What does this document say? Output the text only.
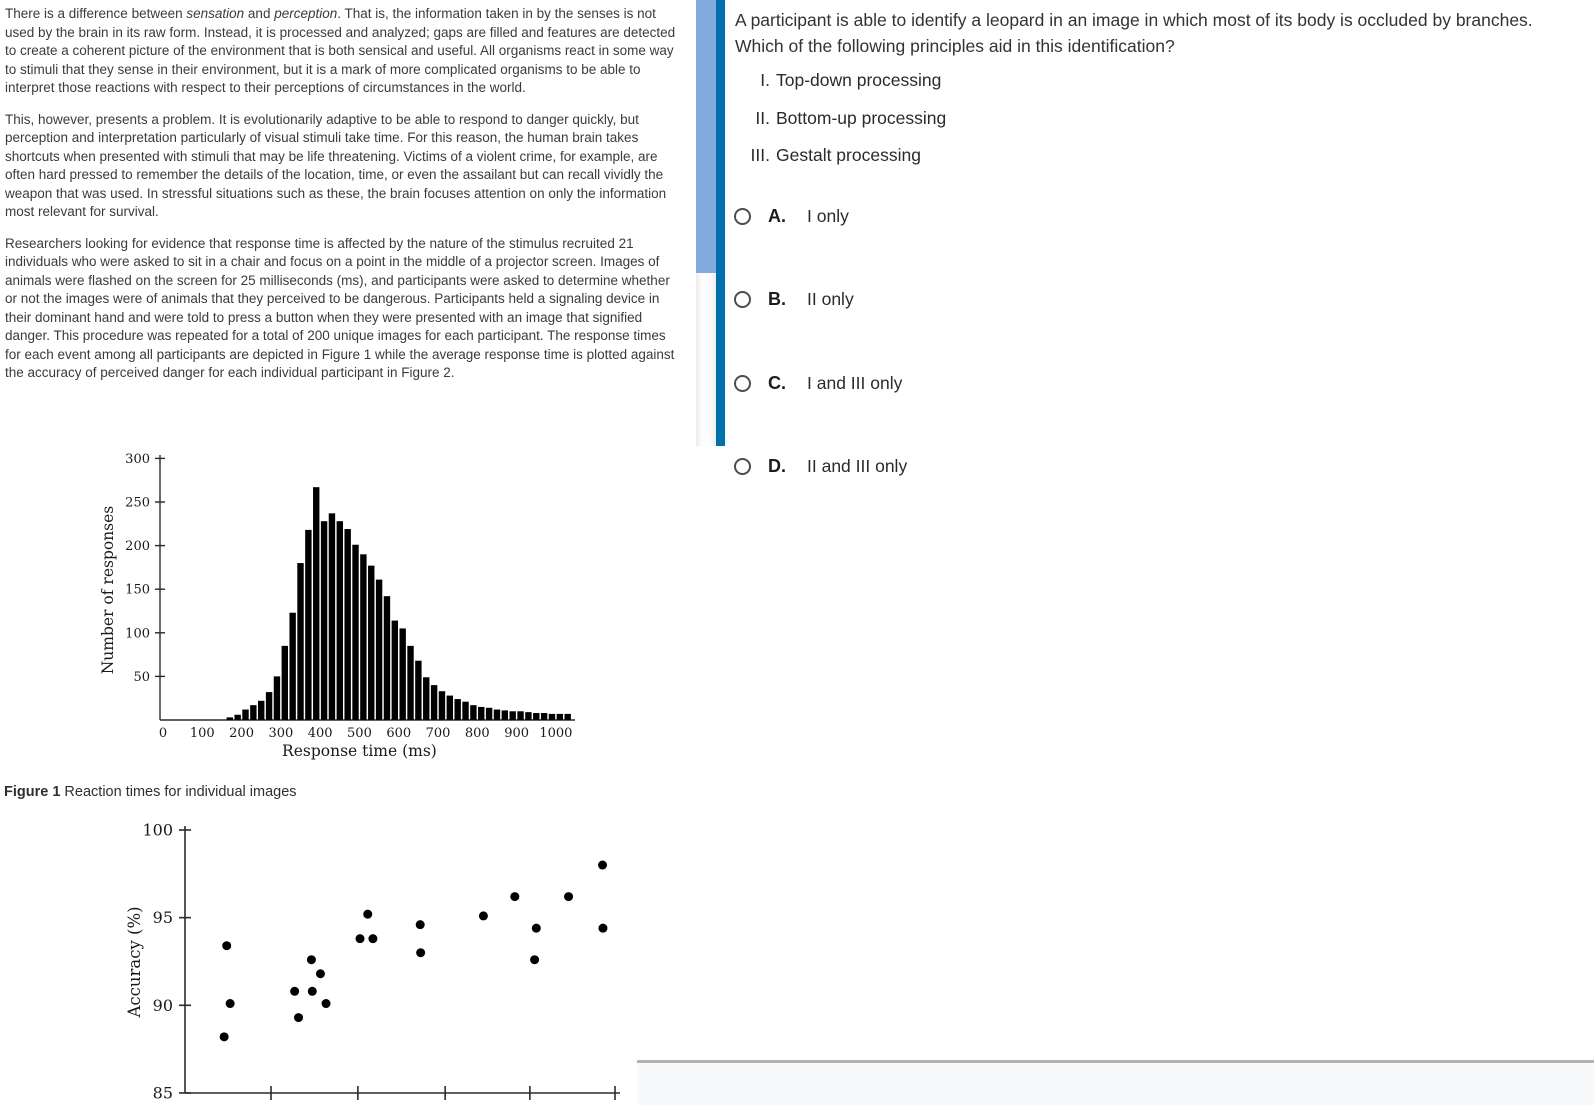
There is a difference between sensation and perception. That is, the information taken in by the senses is not used by the brain in its raw form. Instead, it is processed and analyzed; gaps are filled and features are detected to create a coherent picture of the environment that is both sensical and useful. All organisms react in some way to stimuli that they sense in their environment, but it is a mark of more complicated organisms to be able to interpret those reactions with respect to their perceptions of circumstances in the world.

This, however, presents a problem. It is evolutionarily adaptive to be able to respond to danger quickly, but perception and interpretation particularly of visual stimuli take time. For this reason, the human brain takes shortcuts when presented with stimuli that may be life threatening. Victims of a violent crime, for example, are often hard pressed to remember the details of the location, time, or even the assailant but can recall vividly the weapon that was used. In stressful situations such as these, the brain focuses attention on only the information most relevant for survival.

Researchers looking for evidence that response time is affected by the nature of the stimulus recruited 21 individuals who were asked to sit in a chair and focus on a point in the middle of a projector screen. Images of animals were flashed on the screen for 25 milliseconds (ms), and participants were asked to determine whether or not the images were of animals that they perceived to be dangerous. Participants held a signaling device in their dominant hand and were told to press a button when they were presented with an image that signified danger. This procedure was repeated for a total of 200 unique images for each participant. The response times for each event among all participants are depicted in Figure 1 while the average response time is plotted against the accuracy of perceived danger for each individual participant in Figure 2.

50
100
150
200
250
300
0 100 200 300 400 500 600 700 800 900 1000
Response time (ms)
Number of responses
Figure 1 Reaction times for individual images
85
90
95
100
Accuracy (%)
A participant is able to identify a leopard in an image in which most of its body is occluded by branches. Which of the following principles aid in this identification?
I. Top-down processing
II. Bottom-up processing
III. Gestalt processing
A.	I only
B.	II only
C.	I and III only
D.	II and III only
